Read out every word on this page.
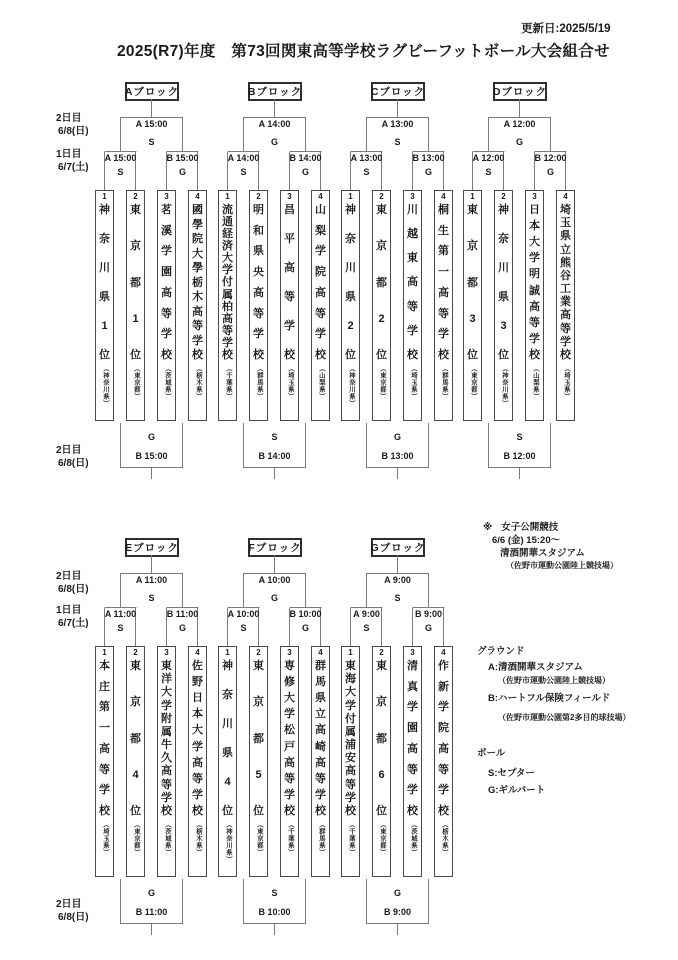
更新日:2025/5/19
2025(R7)年度　第73回関東高等学校ラグビーフットボール大会組合せ
2日目
6/8(日)
1日目
6/7(土)
2日目
6/8(日)
2日目
6/8(日)
1日目
6/7(土)
2日目
6/8(日)
Aブロック
A 15:00
S
A 15:00	B 15:00
S	G
1
神
奈
川
県
1
位
（神奈川県）
2
東
京
都
1
位
（東京都）
3
茗
溪
学
園
高
等
学
校
（茨城県）
4
國
學
院
大
學
栃
木
高
等
学
校
（栃木県）
G
B 15:00
Bブロック
A 14:00
G
A 14:00	B 14:00
S	G
1
流
通
経
済
大
学
付
属
柏
高
等
学
校
（千葉県）
2
明
和
県
央
高
等
学
校
（群馬県）
3
昌
平
高
等
学
校
（埼玉県）
4
山
梨
学
院
高
等
学
校
（山梨県）
S
B 14:00
Cブロック
A 13:00
S
A 13:00	B 13:00
S	G
1
神
奈
川
県
2
位
（神奈川県）
2
東
京
都
2
位
（東京都）
3
川
越
東
高
等
学
校
（埼玉県）
4
桐
生
第
一
高
等
学
校
（群馬県）
G
B 13:00
Dブロック
A 12:00
G
A 12:00	B 12:00
S	G
1
東
京
都
3
位
（東京都）
2
神
奈
川
県
3
位
（神奈川県）
3
日
本
大
学
明
誠
高
等
学
校
（山梨県）
4
埼
玉
県
立
熊
谷
工
業
高
等
学
校
（埼玉県）
S
B 12:00
Eブロック
A 11:00
S
A 11:00	B 11:00
S	G
1
本
庄
第
一
高
等
学
校
（埼玉県）
2
東
京
都
4
位
（東京都）
3
東
洋
大
学
附
属
牛
久
高
等
学
校
（茨城県）
4
佐
野
日
本
大
学
高
等
学
校
（栃木県）
G
B 11:00
Fブロック
A 10:00
G
A 10:00	B 10:00
S	G
1
神
奈
川
県
4
位
（神奈川県）
2
東
京
都
5
位
（東京都）
3
専
修
大
学
松
戸
高
等
学
校
（千葉県）
4
群
馬
県
立
高
崎
高
等
学
校
（群馬県）
S
B 10:00
Gブロック
A 9:00
S
A 9:00	B 9:00
S	G
1
東
海
大
学
付
属
浦
安
高
等
学
校
（千葉県）
2
東
京
都
6
位
（東京都）
3
清
真
学
園
高
等
学
校
（茨城県）
4
作
新
学
院
高
等
学
校
（栃木県）
G
B 9:00
※ 女子公開競技
6/6 (金) 15:20～
清酒開華スタジアム
（佐野市運動公園陸上競技場）
グラウンド
A:清酒開華スタジアム
（佐野市運動公園陸上競技場）
B:ハートフル保険フィールド
（佐野市運動公園第2多目的球技場）
ボール
S:セプター
G:ギルバート
